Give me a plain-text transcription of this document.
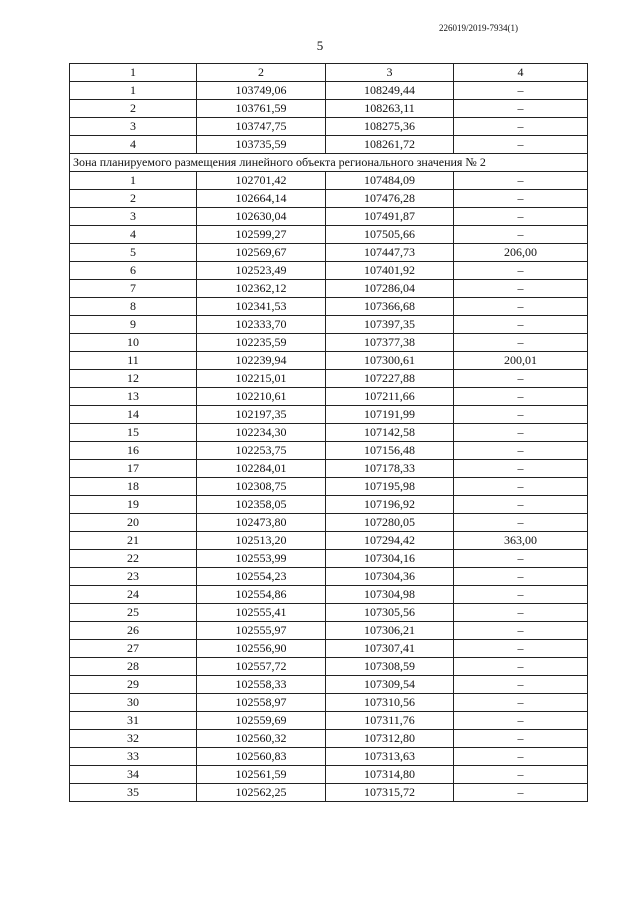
226019/2019-7934(1)
5
1	2	3	4
1	103749,06	108249,44	–
2	103761,59	108263,11	–
3	103747,75	108275,36	–
4	103735,59	108261,72	–
Зона планируемого размещения линейного объекта регионального значения № 2			
1	102701,42	107484,09	–
2	102664,14	107476,28	–
3	102630,04	107491,87	–
4	102599,27	107505,66	–
5	102569,67	107447,73	206,00
6	102523,49	107401,92	–
7	102362,12	107286,04	–
8	102341,53	107366,68	–
9	102333,70	107397,35	–
10	102235,59	107377,38	–
11	102239,94	107300,61	200,01
12	102215,01	107227,88	–
13	102210,61	107211,66	–
14	102197,35	107191,99	–
15	102234,30	107142,58	–
16	102253,75	107156,48	–
17	102284,01	107178,33	–
18	102308,75	107195,98	–
19	102358,05	107196,92	–
20	102473,80	107280,05	–
21	102513,20	107294,42	363,00
22	102553,99	107304,16	–
23	102554,23	107304,36	–
24	102554,86	107304,98	–
25	102555,41	107305,56	–
26	102555,97	107306,21	–
27	102556,90	107307,41	–
28	102557,72	107308,59	–
29	102558,33	107309,54	–
30	102558,97	107310,56	–
31	102559,69	107311,76	–
32	102560,32	107312,80	–
33	102560,83	107313,63	–
34	102561,59	107314,80	–
35	102562,25	107315,72	–
